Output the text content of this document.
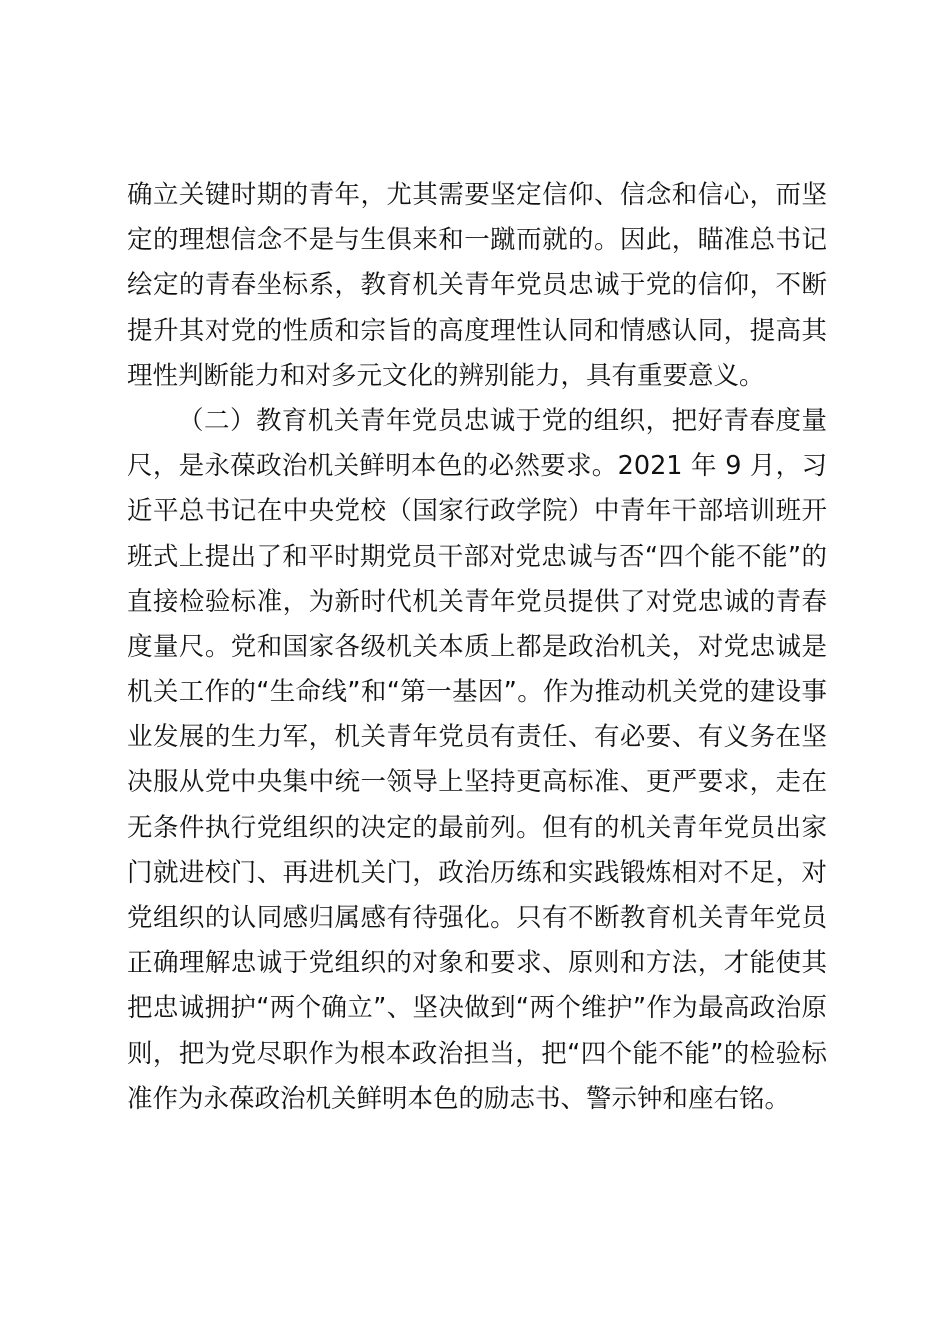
确立关键时期的青年，尤其需要坚定信仰、信念和信心，而坚
定的理想信念不是与生俱来和一蹴而就的。因此，瞄准总书记
绘定的青春坐标系，教育机关青年党员忠诚于党的信仰，不断
提升其对党的性质和宗旨的高度理性认同和情感认同，提高其
理性判断能力和对多元文化的辨别能力，具有重要意义。
（二）教育机关青年党员忠诚于党的组织，把好青春度量
尺，是永葆政治机关鲜明本色的必然要求。2021 年 9 月，习
近平总书记在中央党校（国家行政学院）中青年干部培训班开
班式上提出了和平时期党员干部对党忠诚与否“四个能不能”的
直接检验标准，为新时代机关青年党员提供了对党忠诚的青春
度量尺。党和国家各级机关本质上都是政治机关，对党忠诚是
机关工作的“生命线”和“第一基因”。作为推动机关党的建设事
业发展的生力军，机关青年党员有责任、有必要、有义务在坚
决服从党中央集中统一领导上坚持更高标准、更严要求，走在
无条件执行党组织的决定的最前列。但有的机关青年党员出家
门就进校门、再进机关门，政治历练和实践锻炼相对不足，对
党组织的认同感归属感有待强化。只有不断教育机关青年党员
正确理解忠诚于党组织的对象和要求、原则和方法，才能使其
把忠诚拥护“两个确立”、坚决做到“两个维护”作为最高政治原
则，把为党尽职作为根本政治担当，把“四个能不能”的检验标
准作为永葆政治机关鲜明本色的励志书、警示钟和座右铭。
